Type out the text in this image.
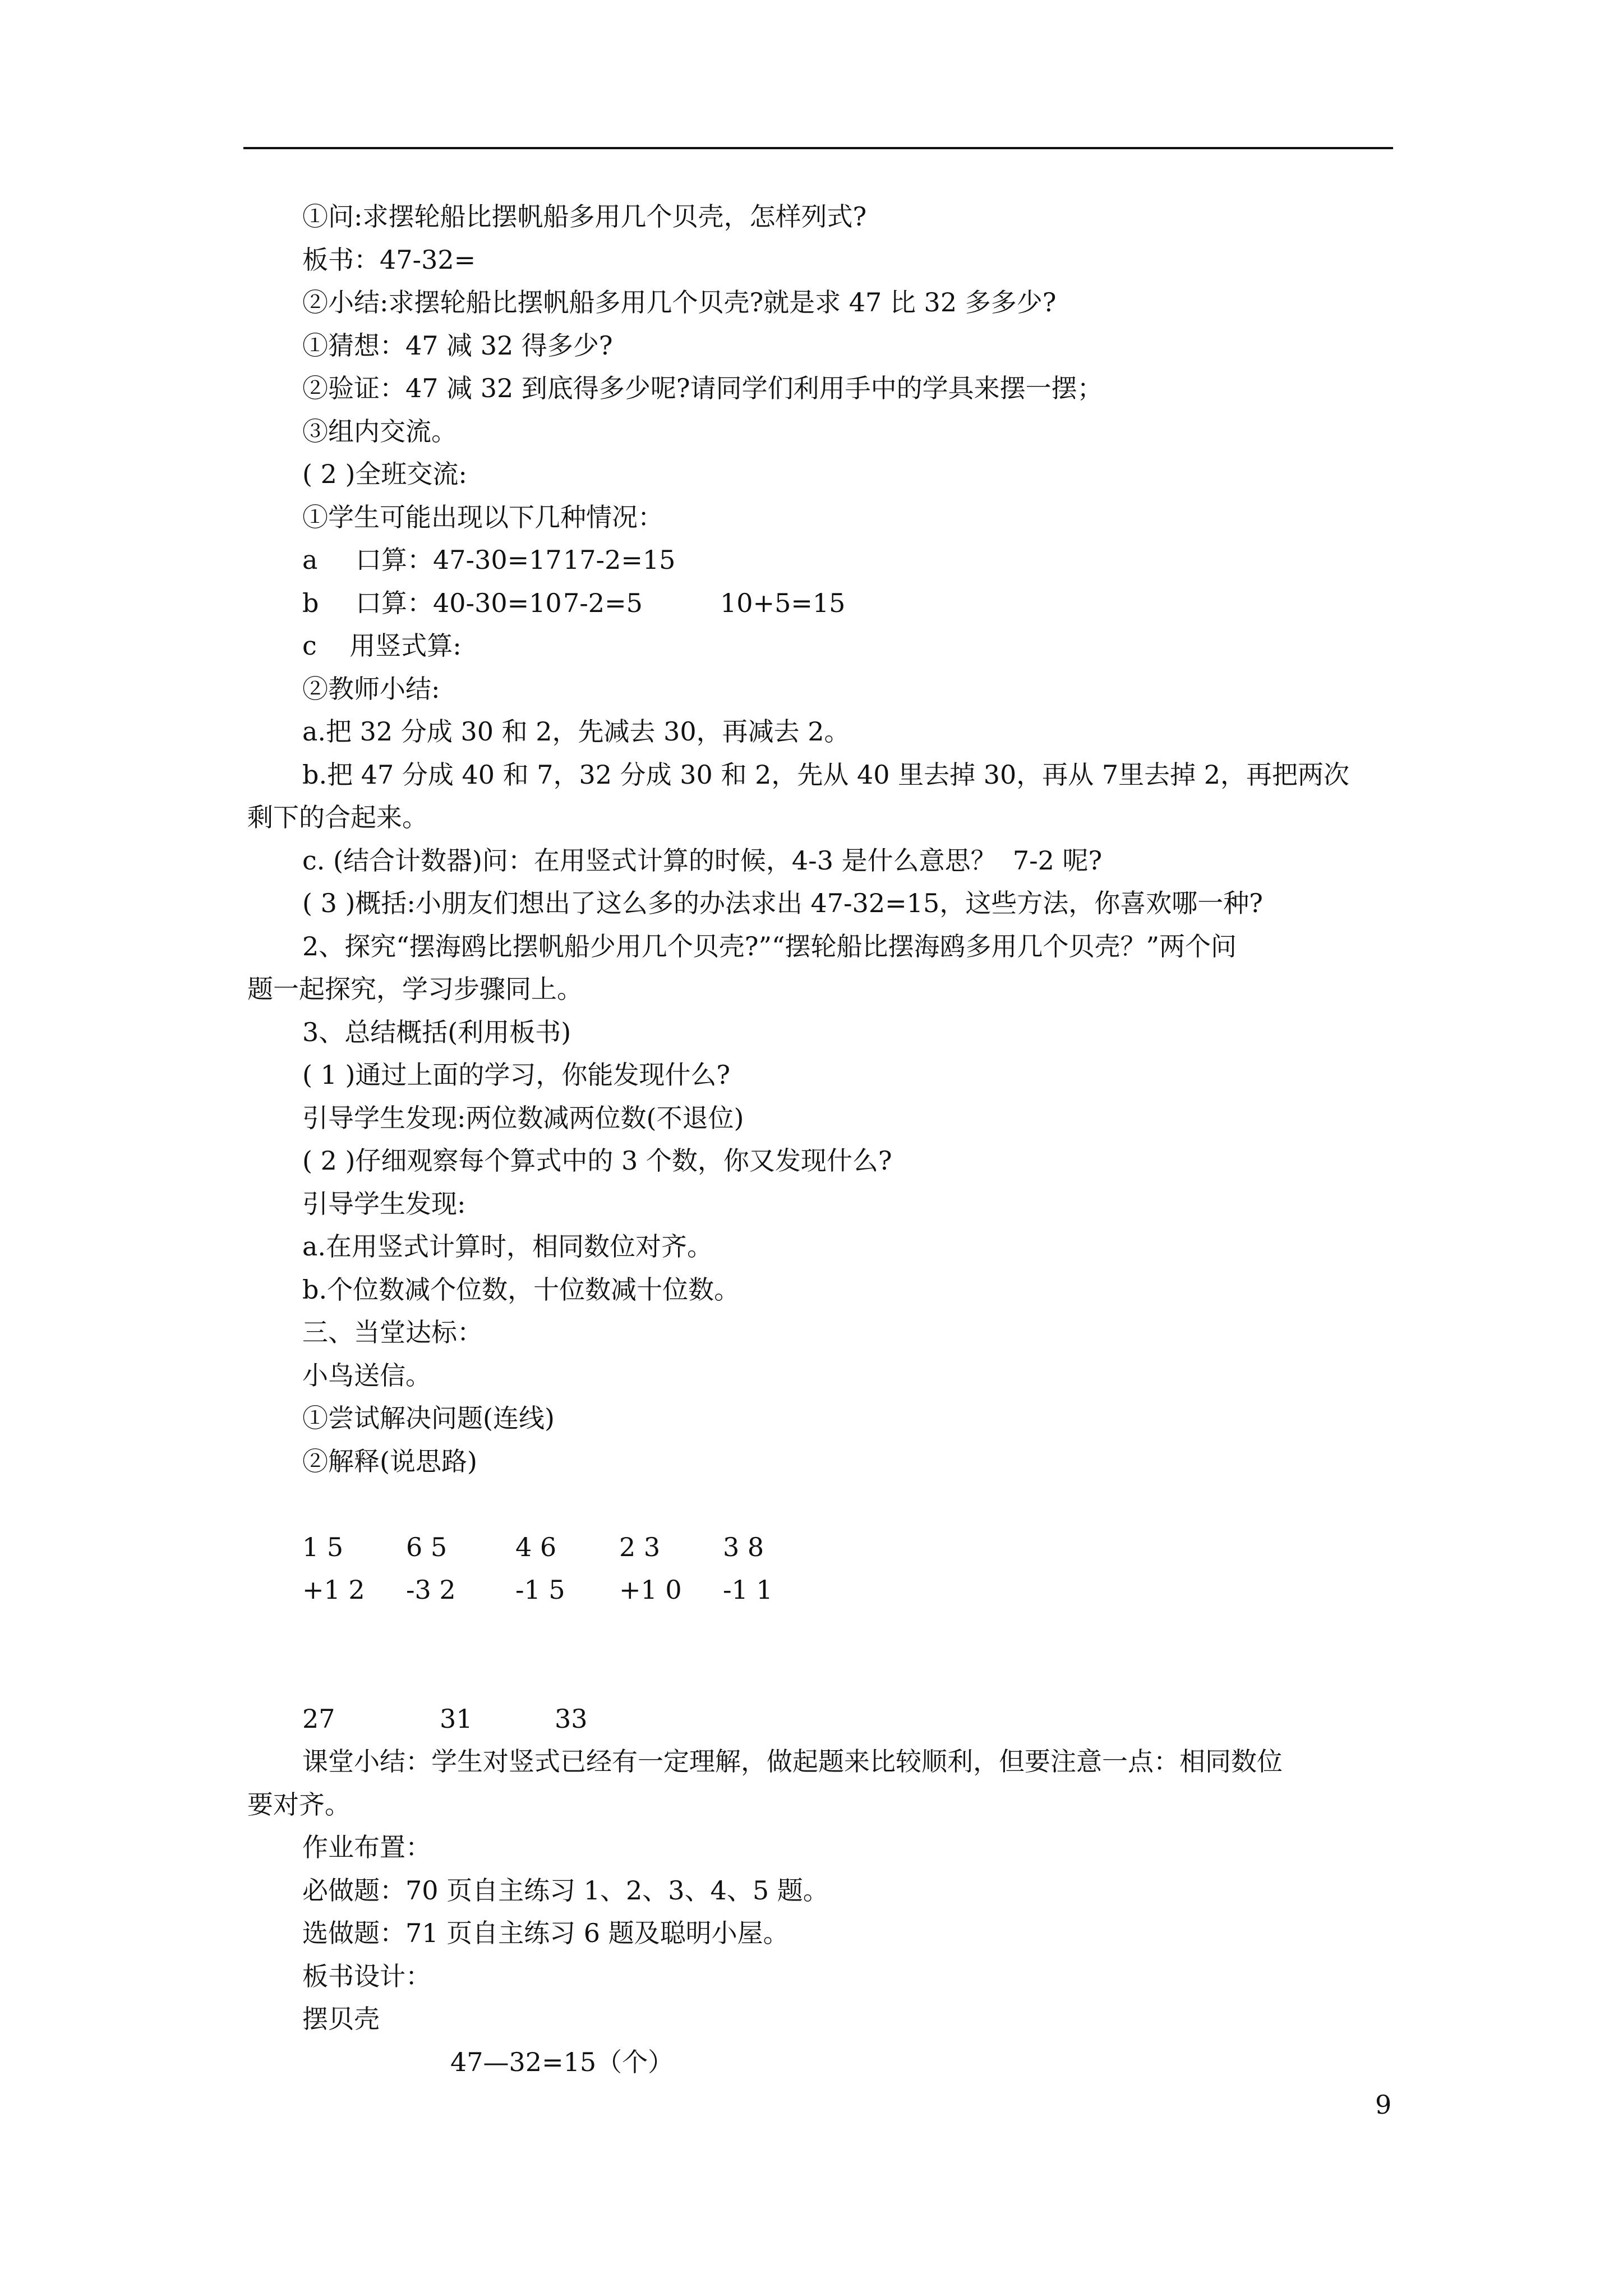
①问:求摆轮船比摆帆船多用几个贝壳，怎样列式?
板书：47-32=
②小结:求摆轮船比摆帆船多用几个贝壳?就是求 47 比 32 多多少?
①猜想：47 减 32 得多少?
②验证：47 减 32 到底得多少呢?请同学们利用手中的学具来摆一摆；
③组内交流。
( 2 )全班交流:
①学生可能出现以下几种情况：
a	口算：47-30=17 17-2=15
b	口算：40-30=10 7-2=5	10+5=15
c    用竖式算:
②教师小结:
a.把 32 分成 30 和 2，先减去 30，再减去 2。
b.把 47 分成 40 和 7，32 分成 30 和 2，先从 40 里去掉 30，再从 7里去掉 2，再把两次
剩下的合起来。
c. (结合计数器)问：在用竖式计算的时候，4-3 是什么意思？  7-2 呢?
( 3 )概括:小朋友们想出了这么多的办法求出 47-32=15，这些方法，你喜欢哪一种?
2、探究“摆海鸥比摆帆船少用几个贝壳?”“摆轮船比摆海鸥多用几个贝壳？”两个问
题一起探究，学习步骤同上。
3、总结概括(利用板书)
( 1 )通过上面的学习，你能发现什么?
引导学生发现:两位数减两位数(不退位)
( 2 )仔细观察每个算式中的 3 个数，你又发现什么?
引导学生发现:
a.在用竖式计算时，相同数位对齐。
b.个位数减个位数，十位数减十位数。
三、当堂达标：
小鸟送信。
①尝试解决问题(连线)
②解释(说思路)
1 5	6 5	4 6	2 3	3 8
+1 2	-3 2	-1 5	+1 0	-1 1
27	31	33
课堂小结：学生对竖式已经有一定理解，做起题来比较顺利，但要注意一点：相同数位
要对齐。
作业布置：
必做题：70 页自主练习 1、2、3、4、5 题。
选做题：71 页自主练习 6 题及聪明小屋。
板书设计：
摆贝壳
47—32=15（个）
9
